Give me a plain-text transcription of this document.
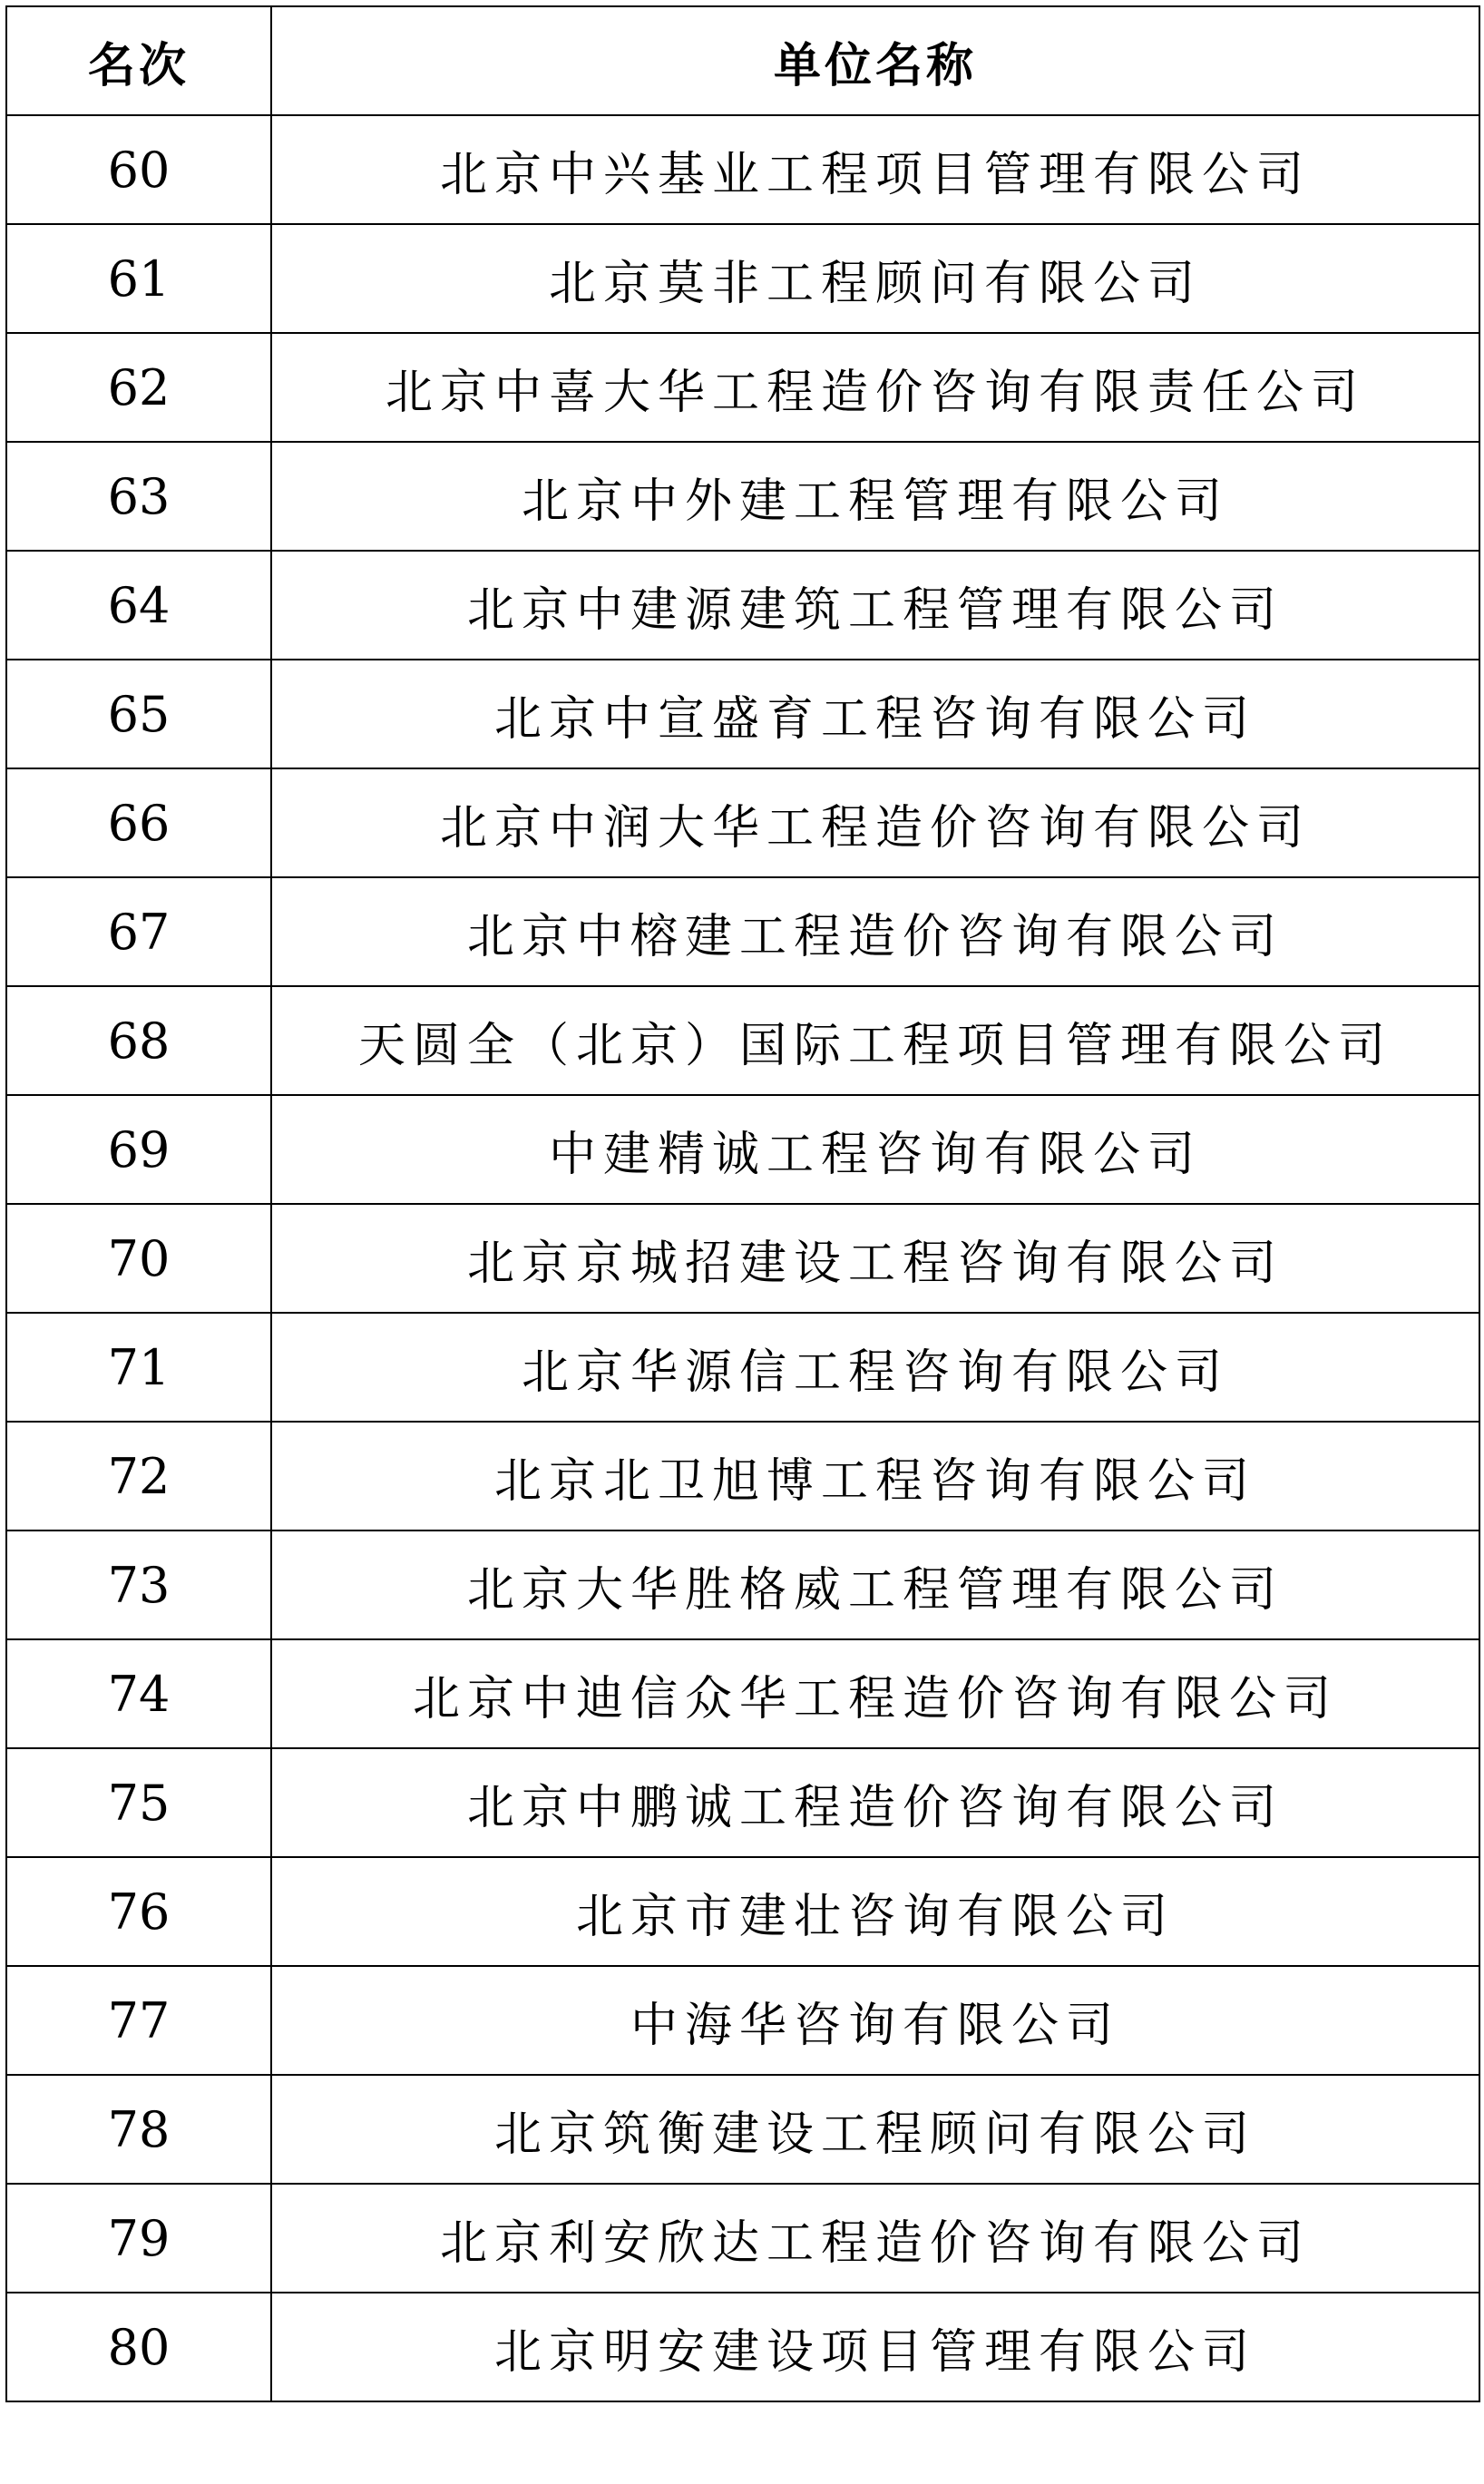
名次	单位名称
60	北京中兴基业工程项目管理有限公司
61	北京莫非工程顾问有限公司
62	北京中喜大华工程造价咨询有限责任公司
63	北京中外建工程管理有限公司
64	北京中建源建筑工程管理有限公司
65	北京中宣盛育工程咨询有限公司
66	北京中润大华工程造价咨询有限公司
67	北京中榕建工程造价咨询有限公司
68	天圆全（北京）国际工程项目管理有限公司
69	中建精诚工程咨询有限公司
70	北京京城招建设工程咨询有限公司
71	北京华源信工程咨询有限公司
72	北京北卫旭博工程咨询有限公司
73	北京大华胜格威工程管理有限公司
74	北京中迪信众华工程造价咨询有限公司
75	北京中鹏诚工程造价咨询有限公司
76	北京市建壮咨询有限公司
77	中海华咨询有限公司
78	北京筑衡建设工程顾问有限公司
79	北京利安欣达工程造价咨询有限公司
80	北京明安建设项目管理有限公司
